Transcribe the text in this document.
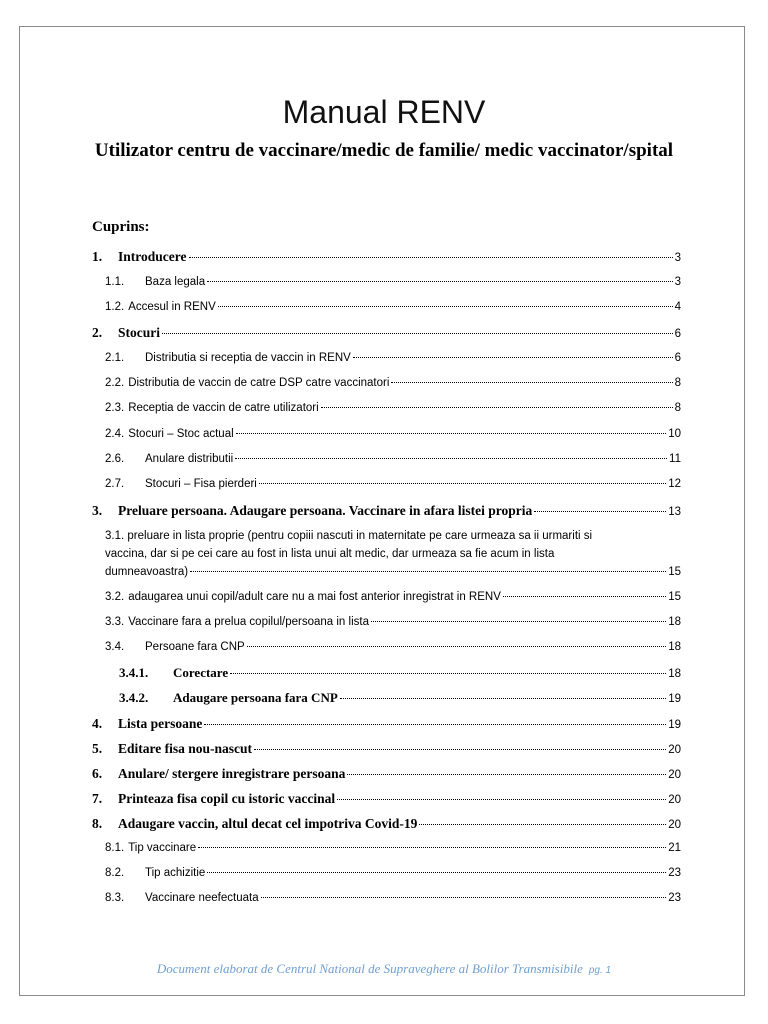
Manual RENV
Utilizator centru de vaccinare/medic de familie/ medic vaccinator/spital
Cuprins:
1.	Introducere	3
1.1.	Baza legala	3
1.2. Accesul in RENV	4
2.	Stocuri	6
2.1.	Distributia si receptia de vaccin in RENV	6
2.2. Distributia de vaccin de catre DSP catre vaccinatori	8
2.3. Receptia de vaccin de catre utilizatori	8
2.4. Stocuri – Stoc actual	10
2.6.	Anulare distributii	11
2.7.	Stocuri – Fisa pierderi	12
3.	Preluare persoana. Adaugare persoana. Vaccinare in afara listei propria	13
3.1. preluare in lista proprie (pentru copiii nascuti in maternitate pe care urmeaza sa ii urmariti si
vaccina, dar si pe cei care au fost in lista unui alt medic, dar urmeaza sa fie acum in lista
dumneavoastra)	15
3.2. adaugarea unui copil/adult care nu a mai fost anterior inregistrat in RENV	15
3.3. Vaccinare fara a prelua copilul/persoana in lista	18
3.4.	Persoane fara CNP	18
3.4.1.	Corectare	18
3.4.2.	Adaugare persoana fara CNP	19
4.	Lista persoane	19
5.	Editare fisa nou-nascut	20
6.	Anulare/ stergere inregistrare persoana	20
7.	Printeaza fisa copil cu istoric vaccinal	20
8.	Adaugare vaccin, altul decat cel impotriva Covid-19	20
8.1. Tip vaccinare	21
8.2.	Tip achizitie	23
8.3.	Vaccinare neefectuata	23
Document elaborat de Centrul National de Supraveghere al Bolilor Transmisibile pg. 1
